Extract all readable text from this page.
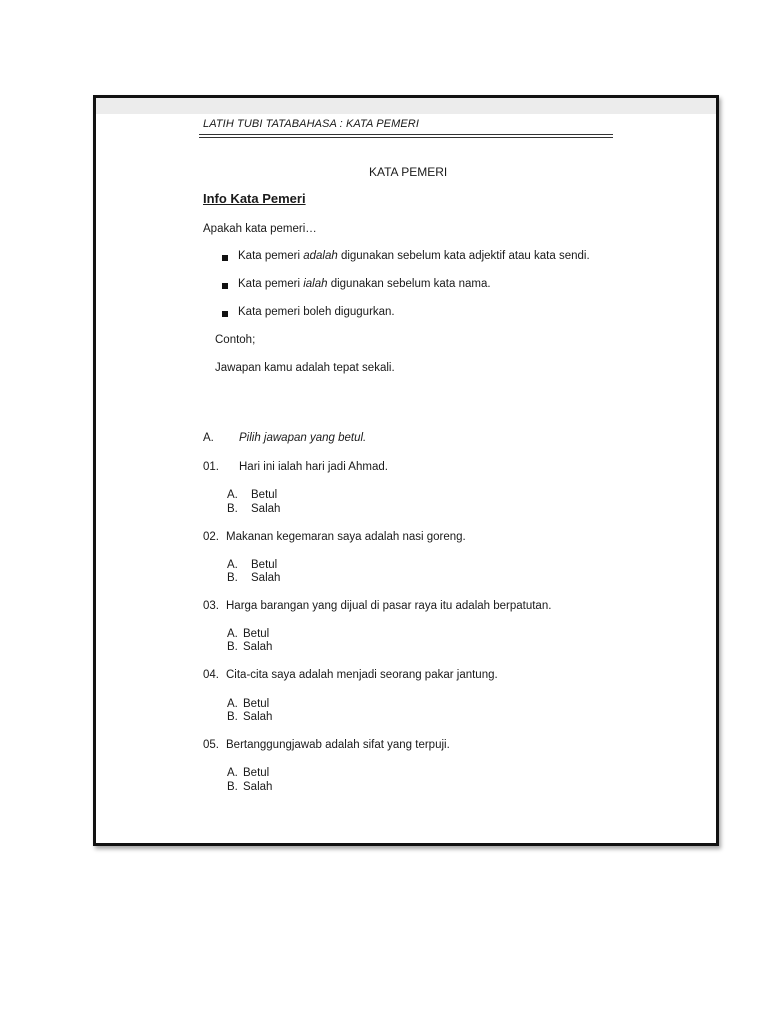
LATIH TUBI TATABAHASA : KATA PEMERI
KATA PEMERI
Info Kata Pemeri
Apakah kata pemeri…
Kata pemeri adalah digunakan sebelum kata adjektif atau kata sendi.
Kata pemeri ialah digunakan sebelum kata nama.
Kata pemeri boleh digugurkan.
Contoh;
Jawapan kamu adalah tepat sekali.
A. Pilih jawapan yang betul.
01. Hari ini ialah hari jadi Ahmad.
A. Betul
B. Salah
02. Makanan kegemaran saya adalah nasi goreng.
A. Betul
B. Salah
03. Harga barangan yang dijual di pasar raya itu adalah berpatutan.
A. Betul
B. Salah
04. Cita-cita saya adalah menjadi seorang pakar jantung.
A. Betul
B. Salah
05. Bertanggungjawab adalah sifat yang terpuji.
A. Betul
B. Salah
